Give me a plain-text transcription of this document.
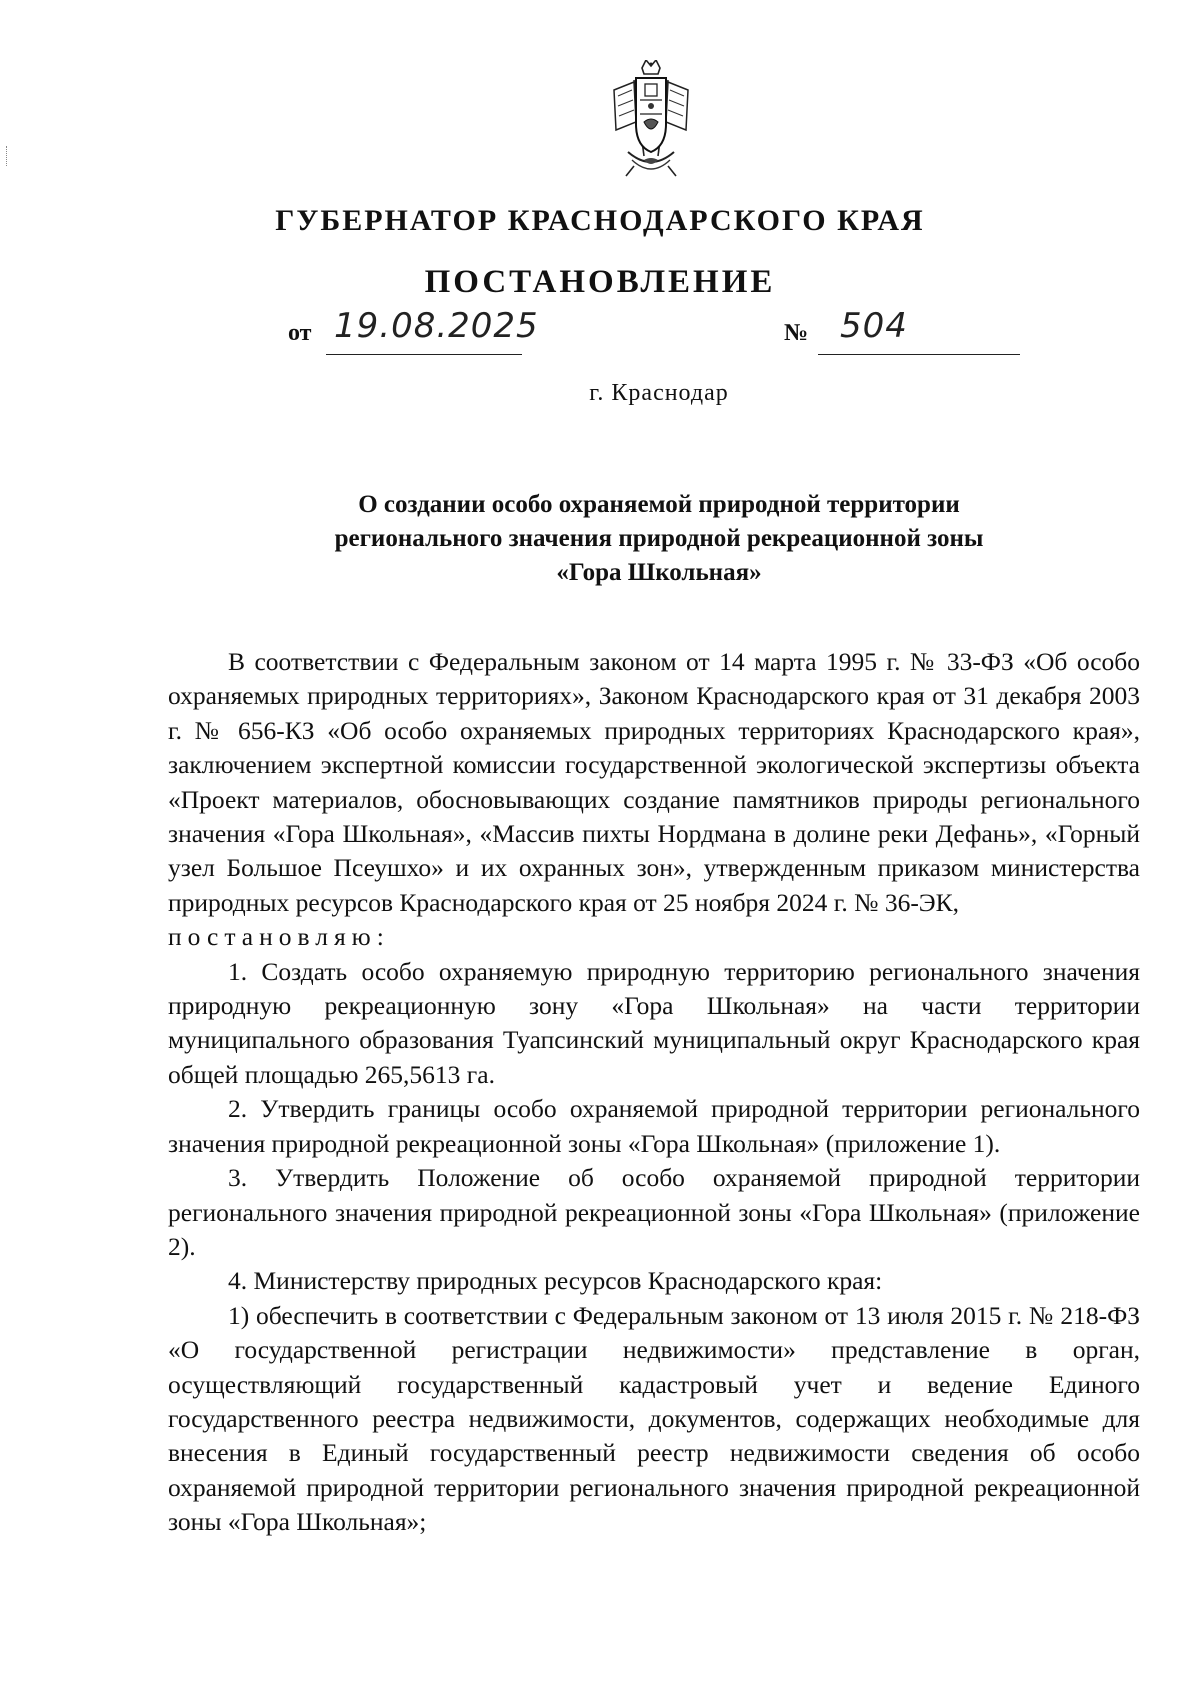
ГУБЕРНАТОР КРАСНОДАРСКОГО КРАЯ
ПОСТАНОВЛЕНИЕ
от 19.08.2025	№ 504
г. Краснодар
О создании особо охраняемой природной территории
регионального значения природной рекреационной зоны
«Гора Школьная»

В соответствии с Федеральным законом от 14 марта 1995 г. № 33-ФЗ «Об особо охраняемых природных территориях», Законом Краснодарского края от 31 декабря 2003 г. № 656-КЗ «Об особо охраняемых природных территориях Краснодарского края», заключением экспертной комиссии государственной экологической экспертизы объекта «Проект материалов, обосновывающих создание памятников природы регионального значения «Гора Школьная», «Массив пихты Нордмана в долине реки Дефань», «Горный узел Большое Псеушхо» и их охранных зон», утвержденным приказом министерства природных ресурсов Краснодарского края от 25 ноября 2024 г. № 36-ЭК,

постановляю:

1. Создать особо охраняемую природную территорию регионального значения природную рекреационную зону «Гора Школьная» на части территории муниципального образования Туапсинский муниципальный округ Краснодарского края общей площадью 265,5613 га.

2. Утвердить границы особо охраняемой природной территории регионального значения природной рекреационной зоны «Гора Школьная» (приложение 1).

3. Утвердить Положение об особо охраняемой природной территории регионального значения природной рекреационной зоны «Гора Школьная» (приложение 2).

4. Министерству природных ресурсов Краснодарского края:

1) обеспечить в соответствии с Федеральным законом от 13 июля 2015 г. № 218-ФЗ «О государственной регистрации недвижимости» представление в орган, осуществляющий государственный кадастровый учет и ведение Единого государственного реестра недвижимости, документов, содержащих необходимые для внесения в Единый государственный реестр недвижимости сведения об особо охраняемой природной территории регионального значения природной рекреационной зоны «Гора Школьная»;
